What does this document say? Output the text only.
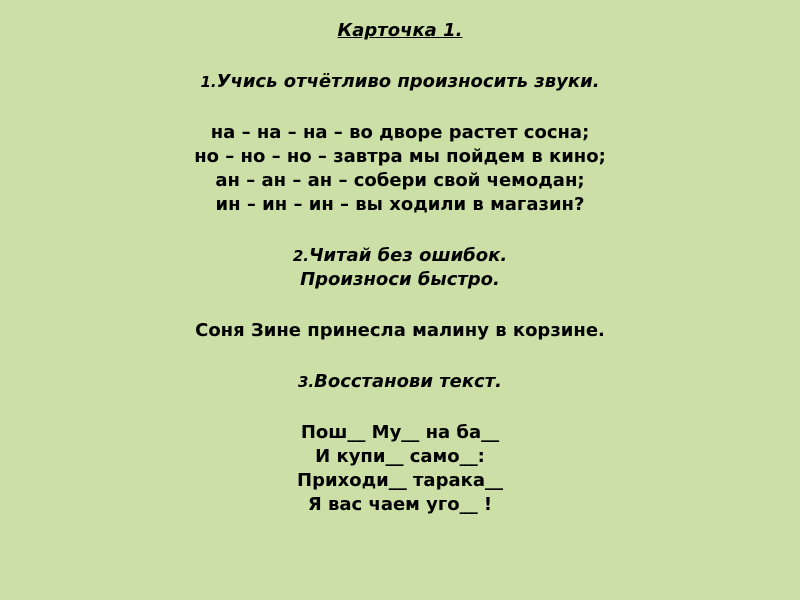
Карточка 1.
1.Учись отчётливо произносить звуки.
на – на – на – во дворе растет сосна;
но – но – но – завтра мы пойдем в кино;
ан – ан – ан – собери свой чемодан;
ин – ин – ин – вы ходили в магазин?
2.Читай без ошибок.
Произноси быстро.
Соня Зине принесла малину в корзине.
3.Восстанови текст.
Пош__ Му__ на ба__
И купи__ само__:
Приходи__ тарака__
Я вас чаем уго__ !
